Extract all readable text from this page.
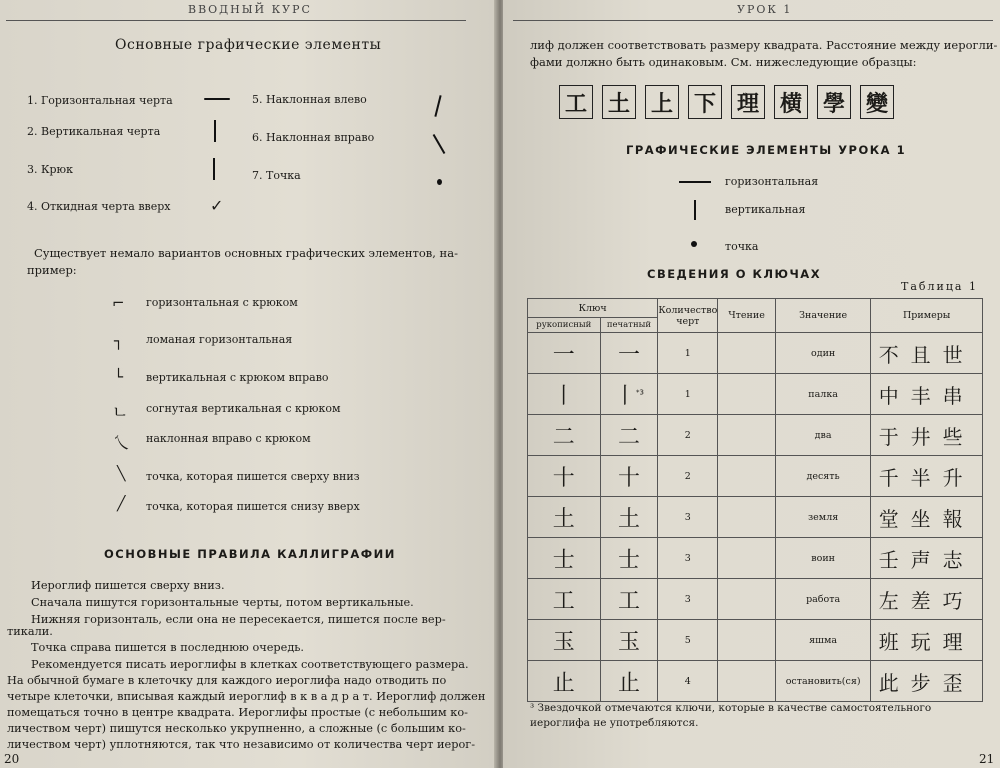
ВВОДНЫЙ КУРС
Основные графические элементы
1. Горизонтальная черта
2. Вертикальная черта
3. Крюк
4. Откидная черта вверх ✓
5. Наклонная влево
6. Наклонная вправо
7. Точка
Существует немало вариантов основных графических элементов, на-
пример:
⌐ горизонтальная с крюком
┐ ломаная горизонтальная
└ вертикальная с крюком вправо
ㄴ согнутая вертикальная с крюком
乀 наклонная вправо с крюком
╲ точка, которая пишется сверху вниз
╱ точка, которая пишется снизу вверх
ОСНОВНЫЕ ПРАВИЛА КАЛЛИГРАФИИ
Иероглиф пишется сверху вниз.
Сначала пишутся горизонтальные черты, потом вертикальные.
Нижняя горизонталь, если она не пересекается, пишется после вер-
тикали.
Точка справа пишется в последнюю очередь.
Рекомендуется писать иероглифы в клетках соответствующего размера.
На обычной бумаге в клеточку для каждого иероглифа надо отводить по
четыре клеточки, вписывая каждый иероглиф в к в а д р а т. Иероглиф должен
помещаться точно в центре квадрата. Иероглифы простые (с небольшим ко-
личеством черт) пишутся несколько укрупненно, а сложные (с большим ко-
личеством черт) уплотняются, так что независимо от количества черт иерог-
20
УРОК 1
лиф должен соответствовать размеру квадрата. Расстояние между иерогли-
фами должно быть одинаковым. См. нижеследующие образцы:
工 土 上 下 理 横 學 變
ГРАФИЧЕСКИЕ ЭЛЕМЕНТЫ УРОКА 1
горизонтальная
вертикальная
точка
СВЕДЕНИЯ О КЛЮЧАХ
Таблица 1
Ключ		Количество черт	Чтение	Значение	Примеры
рукописный	печатный				
一	一	1		один	不且世
丨	丨$^{*3}$	1		палка	中丰串
二	二	2		два	于井些
十	十	2		десять	千半升
土	土	3		земля	堂坐報
士	士	3		воин	壬声志
工	工	3		работа	左差巧
玉	玉	5		яшма	班玩理
止	止	4		остановить(ся)	此步歪
³ Звездочкой отмечаются ключи, которые в качестве самостоятельного
иероглифа не употребляются.
21
